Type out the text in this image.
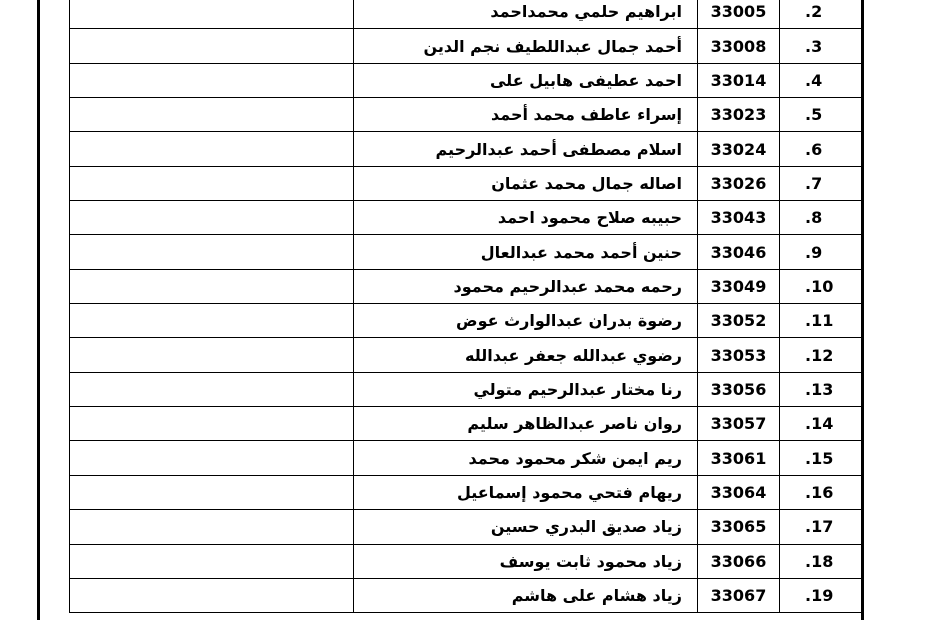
	ابراهيم حلمي محمداحمد	33005	.2
	أحمد جمال عبداللطيف نجم الدين	33008	.3
	احمد عطيفى هابيل على	33014	.4
	إسراء عاطف محمد أحمد	33023	.5
	اسلام مصطفى أحمد عبدالرحيم	33024	.6
	اصاله جمال محمد عثمان	33026	.7
	حبيبه صلاح محمود احمد	33043	.8
	حنين أحمد محمد عبدالعال	33046	.9
	رحمه محمد عبدالرحيم محمود	33049	.10
	رضوة بدران عبدالوارث عوض	33052	.11
	رضوي عبدالله جعفر عبدالله	33053	.12
	رنا مختار عبدالرحيم متولي	33056	.13
	روان ناصر عبدالظاهر سليم	33057	.14
	ريم ايمن شكر محمود محمد	33061	.15
	ريهام فتحي محمود إسماعيل	33064	.16
	زياد صديق البدري حسين	33065	.17
	زياد محمود ثابت يوسف	33066	.18
	زياد هشام على هاشم	33067	.19
